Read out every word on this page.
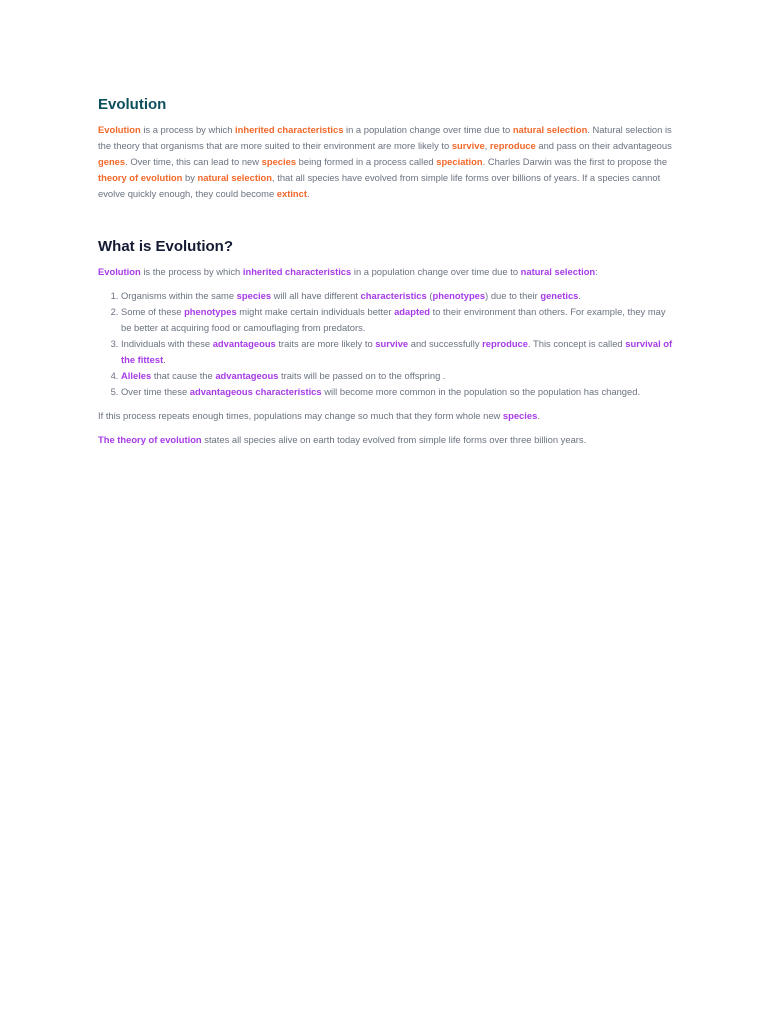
Evolution

Evolution is a process by which inherited characteristics in a population change over time due to natural selection. Natural selection is the theory that organisms that are more suited to their environment are more likely to survive, reproduce and pass on their advantageous genes. Over time, this can lead to new species being formed in a process called speciation. Charles Darwin was the first to propose the theory of evolution by natural selection, that all species have evolved from simple life forms over billions of years. If a species cannot evolve quickly enough, they could become extinct.

What is Evolution?

Evolution is the process by which inherited characteristics in a population change over time due to natural selection:

1. Organisms within the same species will all have different characteristics (phenotypes) due to their genetics.
2. Some of these phenotypes might make certain individuals better adapted to their environment than others. For example, they may be better at acquiring food or camouflaging from predators.
3. Individuals with these advantageous traits are more likely to survive and successfully reproduce. This concept is called survival of the fittest.
4. Alleles that cause the advantageous traits will be passed on to the offspring .
5. Over time these advantageous characteristics will become more common in the population so the population has changed.

If this process repeats enough times, populations may change so much that they form whole new species.

The theory of evolution states all species alive on earth today evolved from simple life forms over three billion years.
